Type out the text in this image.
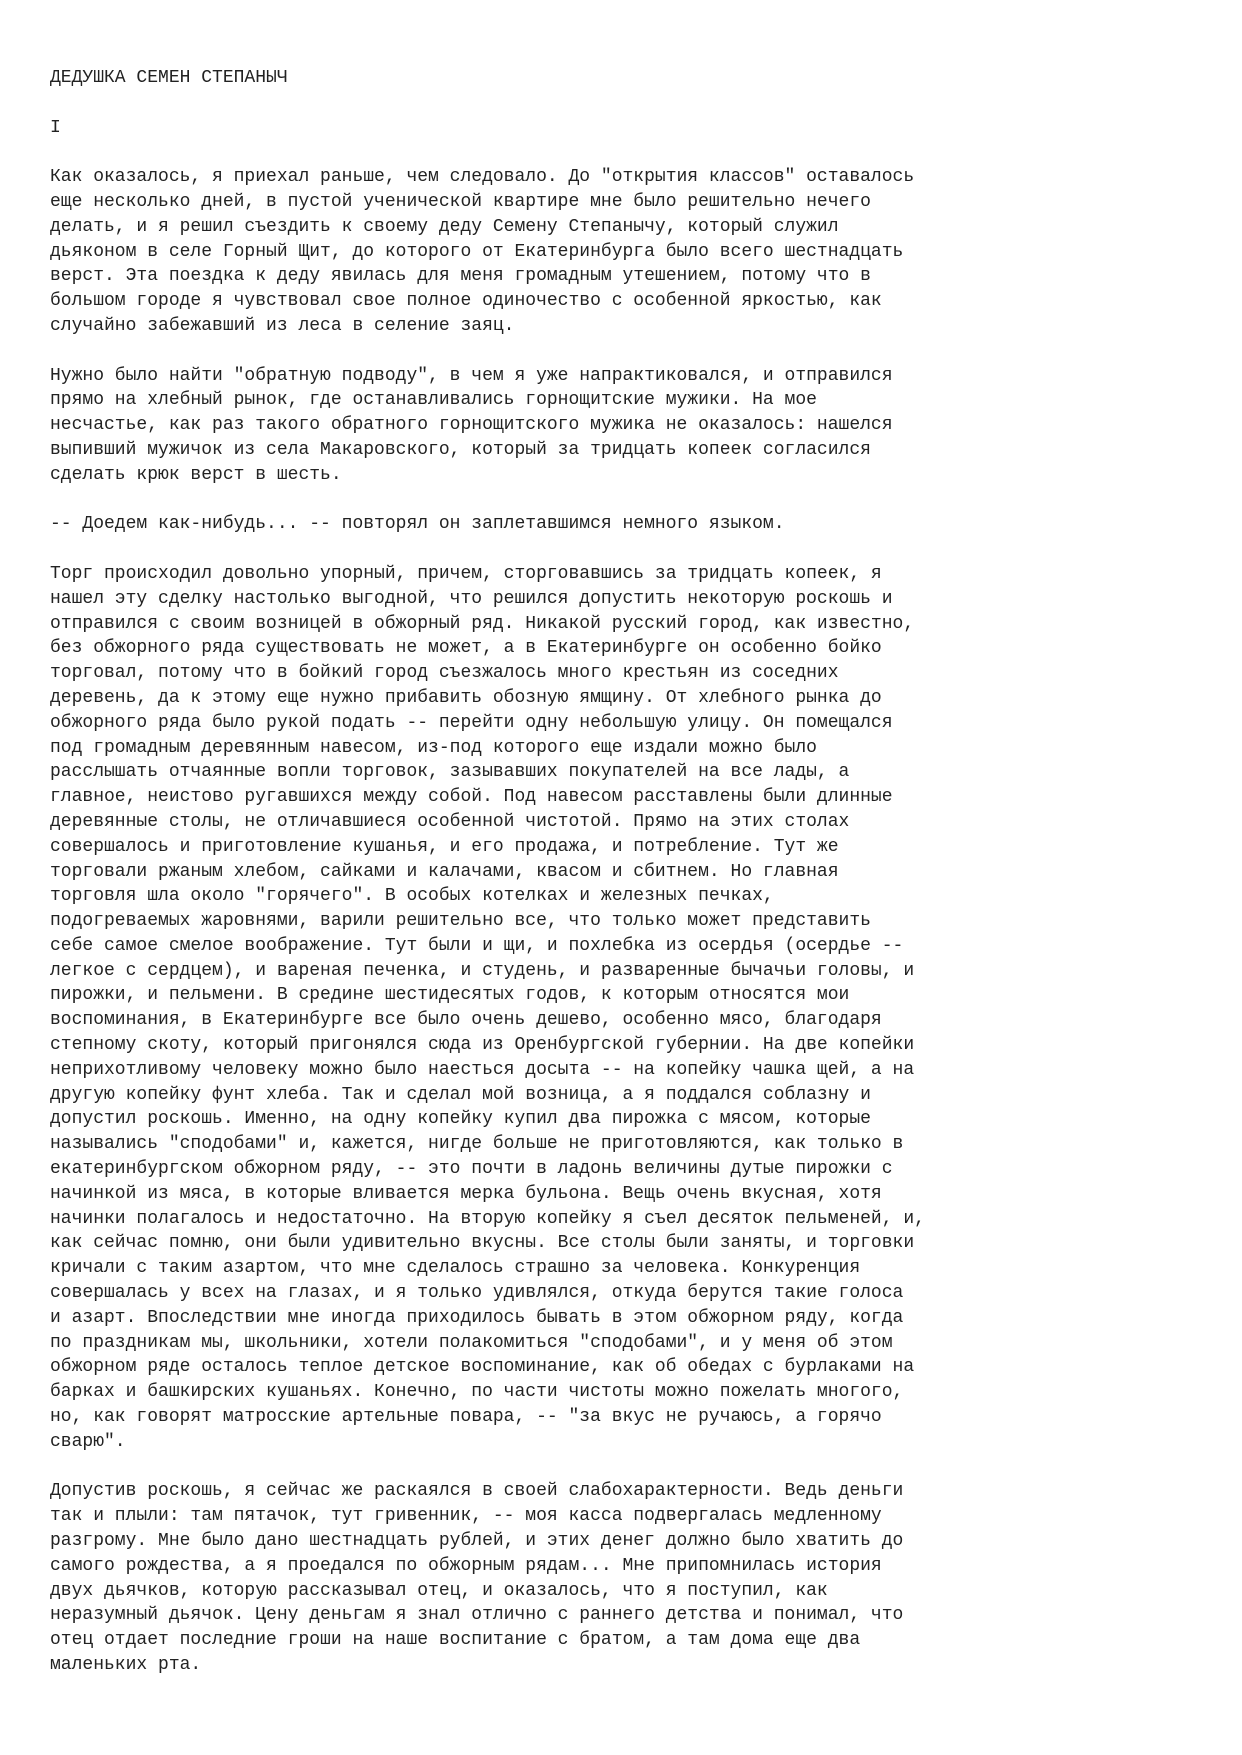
ДЕДУШКА СЕМЕН СТЕПАНЫЧ
I
Как оказалось, я приехал раньше, чем следовало. До "открытия классов" оставалось
еще несколько дней, в пустой ученической квартире мне было решительно нечего
делать, и я решил съездить к своему деду Семену Степанычу, который служил
дьяконом в селе Горный Щит, до которого от Екатеринбурга было всего шестнадцать
верст. Эта поездка к деду явилась для меня громадным утешением, потому что в
большом городе я чувствовал свое полное одиночество с особенной яркостью, как
случайно забежавший из леса в селение заяц.
Нужно было найти "обратную подводу", в чем я уже напрактиковался, и отправился
прямо на хлебный рынок, где останавливались горнощитские мужики. На мое
несчастье, как раз такого обратного горнощитского мужика не оказалось: нашелся
выпивший мужичок из села Макаровского, который за тридцать копеек согласился
сделать крюк верст в шесть.
-- Доедем как-нибудь... -- повторял он заплетавшимся немного языком.
Торг происходил довольно упорный, причем, сторговавшись за тридцать копеек, я
нашел эту сделку настолько выгодной, что решился допустить некоторую роскошь и
отправился с своим возницей в обжорный ряд. Никакой русский город, как известно,
без обжорного ряда существовать не может, а в Екатеринбурге он особенно бойко
торговал, потому что в бойкий город съезжалось много крестьян из соседних
деревень, да к этому еще нужно прибавить обозную ямщину. От хлебного рынка до
обжорного ряда было рукой подать -- перейти одну небольшую улицу. Он помещался
под громадным деревянным навесом, из-под которого еще издали можно было
расслышать отчаянные вопли торговок, зазывавших покупателей на все лады, а
главное, неистово ругавшихся между собой. Под навесом расставлены были длинные
деревянные столы, не отличавшиеся особенной чистотой. Прямо на этих столах
совершалось и приготовление кушанья, и его продажа, и потребление. Тут же
торговали ржаным хлебом, сайками и калачами, квасом и сбитнем. Но главная
торговля шла около "горячего". В особых котелках и железных печках,
подогреваемых жаровнями, варили решительно все, что только может представить
себе самое смелое воображение. Тут были и щи, и похлебка из осердья (осердье --
легкое с сердцем), и вареная печенка, и студень, и разваренные бычачьи головы, и
пирожки, и пельмени. В средине шестидесятых годов, к которым относятся мои
воспоминания, в Екатеринбурге все было очень дешево, особенно мясо, благодаря
степному скоту, который пригонялся сюда из Оренбургской губернии. На две копейки
неприхотливому человеку можно было наесться досыта -- на копейку чашка щей, а на
другую копейку фунт хлеба. Так и сделал мой возница, а я поддался соблазну и
допустил роскошь. Именно, на одну копейку купил два пирожка с мясом, которые
назывались "сподобами" и, кажется, нигде больше не приготовляются, как только в
екатеринбургском обжорном ряду, -- это почти в ладонь величины дутые пирожки с
начинкой из мяса, в которые вливается мерка бульона. Вещь очень вкусная, хотя
начинки полагалось и недостаточно. На вторую копейку я съел десяток пельменей, и,
как сейчас помню, они были удивительно вкусны. Все столы были заняты, и торговки
кричали с таким азартом, что мне сделалось страшно за человека. Конкуренция
совершалась у всех на глазах, и я только удивлялся, откуда берутся такие голоса
и азарт. Впоследствии мне иногда приходилось бывать в этом обжорном ряду, когда
по праздникам мы, школьники, хотели полакомиться "сподобами", и у меня об этом
обжорном ряде осталось теплое детское воспоминание, как об обедах с бурлаками на
барках и башкирских кушаньях. Конечно, по части чистоты можно пожелать многого,
но, как говорят матросские артельные повара, -- "за вкус не ручаюсь, а горячо
сварю".
Допустив роскошь, я сейчас же раскаялся в своей слабохарактерности. Ведь деньги
так и плыли: там пятачок, тут гривенник, -- моя касса подвергалась медленному
разгрому. Мне было дано шестнадцать рублей, и этих денег должно было хватить до
самого рождества, а я проедался по обжорным рядам... Мне припомнилась история
двух дьячков, которую рассказывал отец, и оказалось, что я поступил, как
неразумный дьячок. Цену деньгам я знал отлично с раннего детства и понимал, что
отец отдает последние гроши на наше воспитание с братом, а там дома еще два
маленьких рта.
